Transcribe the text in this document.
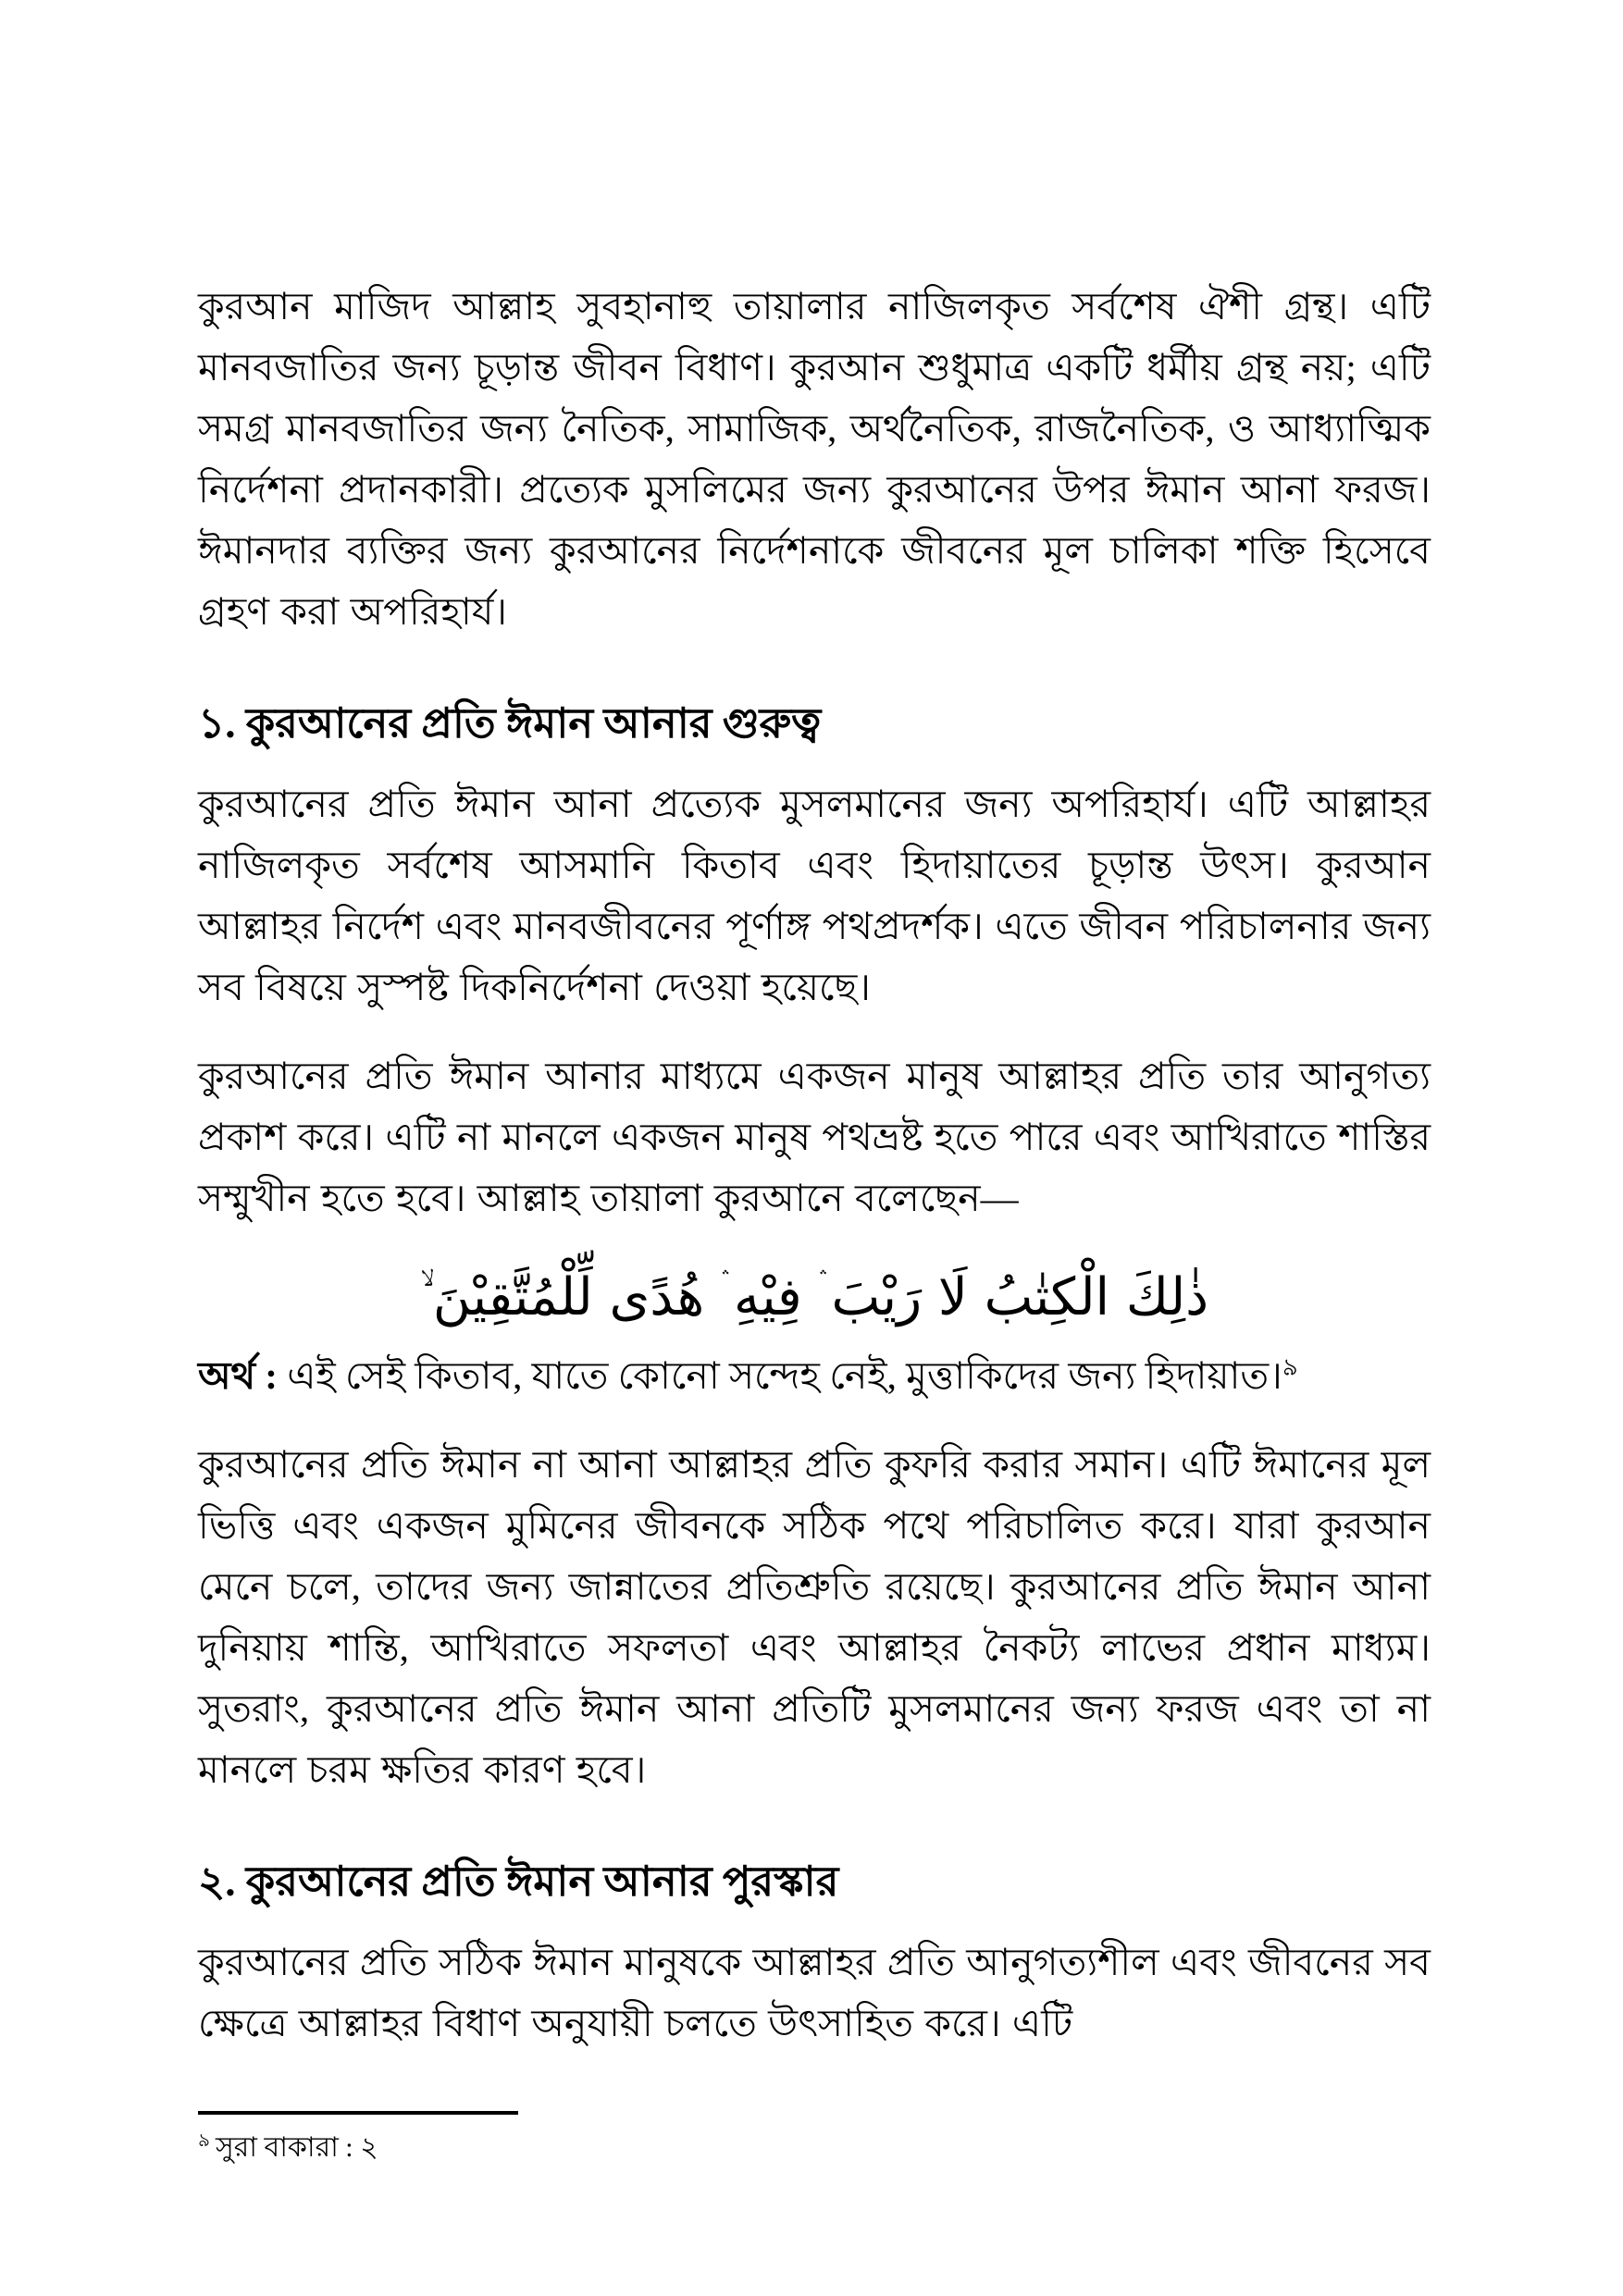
কুরআন মাজিদ আল্লাহ সুবহানাহু তায়ালার নাজিলকৃত সর্বশেষ ঐশী গ্রন্থ। এটি মানবজাতির জন্য চূড়ান্ত জীবন বিধাণ। কুরআন শুধুমাত্র একটি ধর্মীয় গ্রন্থ নয়; এটি সমগ্র মানবজাতির জন্য নৈতিক, সামাজিক, অর্থনৈতিক, রাজনৈতিক, ও আধ্যাত্মিক নির্দেশনা প্রদানকারী। প্রত্যেক মুসলিমের জন্য কুরআনের উপর ঈমান আনা ফরজ। ঈমানদার ব্যক্তির জন্য কুরআনের নির্দেশনাকে জীবনের মূল চালিকা শক্তি হিসেবে গ্রহণ করা অপরিহার্য।

১. কুরআনের প্রতি ঈমান আনার গুরুত্ব

কুরআনের প্রতি ঈমান আনা প্রত্যেক মুসলমানের জন্য অপরিহার্য। এটি আল্লাহর নাজিলকৃত সর্বশেষ আসমানি কিতাব এবং হিদায়াতের চূড়ান্ত উৎস। কুরআন আল্লাহর নির্দেশ এবং মানবজীবনের পূর্ণাঙ্গ পথপ্রদর্শক। এতে জীবন পরিচালনার জন্য সব বিষয়ে সুস্পষ্ট দিকনির্দেশনা দেওয়া হয়েছে।

কুরআনের প্রতি ঈমান আনার মাধ্যমে একজন মানুষ আল্লাহর প্রতি তার আনুগত্য প্রকাশ করে। এটি না মানলে একজন মানুষ পথভ্রষ্ট হতে পারে এবং আখিরাতে শাস্তির সম্মুখীন হতে হবে। আল্লাহ তায়ালা কুরআনে বলেছেন—

ذٰلِكَ الْكِتٰبُ لَا رَيْبَ ۛ فِيْهِ ۛ هُدًى لِّلْمُتَّقِيْنَ ۙ

অর্থ : এই সেই কিতাব, যাতে কোনো সন্দেহ নেই, মুত্তাকিদের জন্য হিদায়াত।$^৯$

কুরআনের প্রতি ঈমান না আনা আল্লাহর প্রতি কুফরি করার সমান। এটি ঈমানের মূল ভিত্তি এবং একজন মুমিনের জীবনকে সঠিক পথে পরিচালিত করে। যারা কুরআন মেনে চলে, তাদের জন্য জান্নাতের প্রতিশ্রুতি রয়েছে। কুরআনের প্রতি ঈমান আনা দুনিয়ায় শান্তি, আখিরাতে সফলতা এবং আল্লাহর নৈকট্য লাভের প্রধান মাধ্যম। সুতরাং, কুরআনের প্রতি ঈমান আনা প্রতিটি মুসলমানের জন্য ফরজ এবং তা না মানলে চরম ক্ষতির কারণ হবে।

২. কুরআনের প্রতি ঈমান আনার পুরস্কার

কুরআনের প্রতি সঠিক ঈমান মানুষকে আল্লাহর প্রতি আনুগত্যশীল এবং জীবনের সব ক্ষেত্রে আল্লাহর বিধাণ অনুযায়ী চলতে উৎসাহিত করে। এটি

$^৯$ সুরা বাকারা : ২
